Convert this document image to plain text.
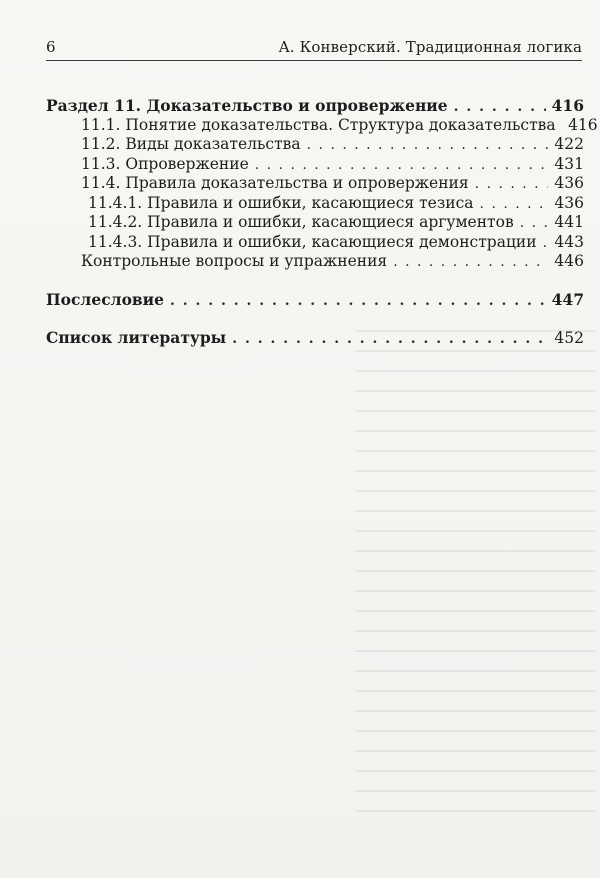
6	А. Конверский. Традиционная логика
Раздел 11. Доказательство и опровержение . . .	416
11.1. Понятие доказательства. Структура доказательства 416
11.2. Виды доказательства . . .	422
11.3. Опровержение . . .	431
11.4. Правила доказательства и опровержения . . .	436
11.4.1. Правила и ошибки, касающиеся тезиса . . .	436
11.4.2. Правила и ошибки, касающиеся аргументов . . .	441
11.4.3. Правила и ошибки, касающиеся демонстрации . . .	443
Контрольные вопросы и упражнения . . .	446
Послесловие . . .	447
Список литературы . . .	452
